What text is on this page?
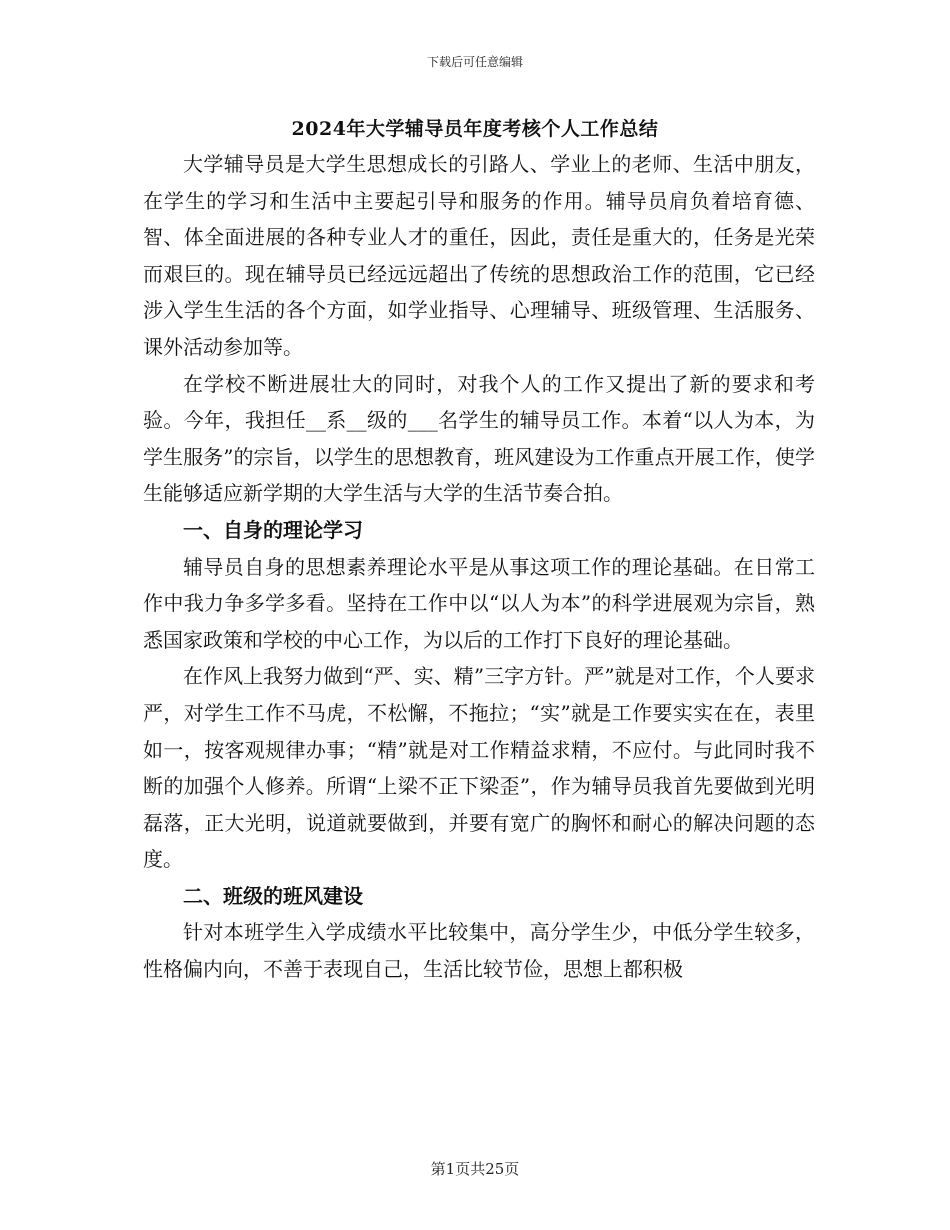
下载后可任意编辑
2024年大学辅导员年度考核个人工作总结

大学辅导员是大学生思想成长的引路人、学业上的老师、生活中朋友，在学生的学习和生活中主要起引导和服务的作用。辅导员肩负着培育德、智、体全面进展的各种专业人才的重任，因此，责任是重大的，任务是光荣而艰巨的。现在辅导员已经远远超出了传统的思想政治工作的范围，它已经涉入学生生活的各个方面，如学业指导、心理辅导、班级管理、生活服务、课外活动参加等。

在学校不断进展壮大的同时，对我个人的工作又提出了新的要求和考验。今年，我担任__系__级的___名学生的辅导员工作。本着“以人为本，为学生服务”的宗旨，以学生的思想教育，班风建设为工作重点开展工作，使学生能够适应新学期的大学生活与大学的生活节奏合拍。

一、自身的理论学习

辅导员自身的思想素养理论水平是从事这项工作的理论基础。在日常工作中我力争多学多看。坚持在工作中以“以人为本”的科学进展观为宗旨，熟悉国家政策和学校的中心工作，为以后的工作打下良好的理论基础。

在作风上我努力做到“严、实、精”三字方针。严”就是对工作，个人要求严，对学生工作不马虎，不松懈，不拖拉；“实”就是工作要实实在在，表里如一，按客观规律办事；“精”就是对工作精益求精，不应付。与此同时我不断的加强个人修养。所谓“上梁不正下梁歪”，作为辅导员我首先要做到光明磊落，正大光明，说道就要做到，并要有宽广的胸怀和耐心的解决问题的态度。

二、班级的班风建设

针对本班学生入学成绩水平比较集中，高分学生少，中低分学生较多，性格偏内向，不善于表现自己，生活比较节俭，思想上都积极

第1页共25页
